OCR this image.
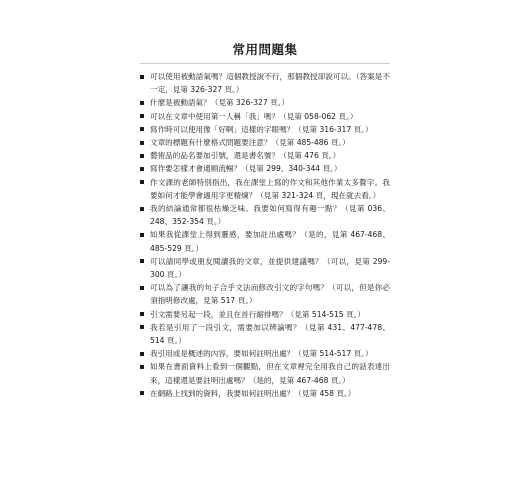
常用問題集
可以使用被動語氣嗎？這個教授說不行，那個教授卻說可以。（答案是不一定，見第 326-327 頁。）
什麼是被動語氣？（見第 326-327 頁。）
可以在文章中使用第一人稱「我」嗎？（見第 058-062 頁。）
寫作時可以使用像「好啊」這樣的字眼嗎？（見第 316-317 頁。）
文章的標題有什麼格式問題要注意？（見第 485-486 頁。）
藝術品的品名要加引號，還是書名號？（見第 476 頁。）
寫作要怎樣才會通順流暢？（見第 299、340-344 頁。）
作文課的老師特別指出，我在課堂上寫的作文和其他作業太多贅字。我要如何才能學會適用字更精煉？（見第 321-324 頁，現在就去看。）
我的結論通常都很枯燥乏味。我要如何寫得有趣一點？（見第 036、248、352-354 頁。）
如果我從課堂上得到靈感，要加註出處嗎？（是的，見第 467-468、485-529 頁。）
可以請同學或朋友閱讀我的文章，並提供建議嗎？（可以，見第 299-300 頁。）
可以為了讓我的句子合乎文法而修改引文的字句嗎？（可以，但是你必須指明修改處，見第 517 頁。）
引文需要另起一段，並且在首行縮排嗎？（見第 514-515 頁。）
我若是引用了一段引文，需要加以辨論嗎？（見第 431、477-478、514 頁。）
我引用或是概述的內容，要如何註明出處？（見第 514-517 頁。）
如果在書面資料上看到一個觀點，但在文章裡完全用我自己的話表達出來，這樣還是要註明出處嗎？（是的，見第 467-468 頁。）
在網路上找到的資料，我要如何註明出處？（見第 458 頁。）
